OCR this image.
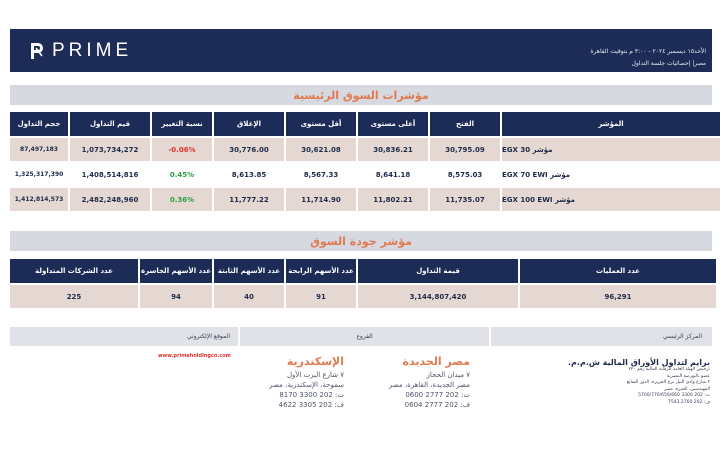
PRIME	الأحد١٥ ديسمبر ٢٠٢٤ - ٣:٠٠ م بتوقيت القاهرة
مصر| إحصائيات جلسة التداول
مؤشرات السوق الرئيسية
حجم التداول	قيم التداول	نسبة التغيير	الإغلاق	أقل مستوى	أعلى مستوى	الفتح	المؤشر
87,497,183	1,073,734,272	-0.06%	30,776.00	30,621.08	30,836.21	30,795.09	مؤشر EGX 30
1,325,317,390	1,408,514,816	0.45%	8,613.85	8,567.33	8,641.18	8,575.03	مؤشر EGX 70 EWI
1,412,814,573	2,482,248,960	0.36%	11,777.22	11,714.90	11,802.21	11,735.07	مؤشر EGX 100 EWI
مؤشر جودة السوق
عدد الشركات المتداولة	عدد الأسهم الخاسرة عدد الأسهم الثابتة	عدد الأسهم الرابحة	قيمة التداول	عدد العمليات
225	94	40	91	3,144,807,420	96,291
المركز الرئيسي
الفروع
الموقع الإلكتروني
برايم لتداول الأوراق المالية ش.م.م.
ترخيص الهيئة العامة للرقابة المالية رقم ٢٢٠
عضو بالبورصة المصرية
٢ شارع وادي النيل برج الجزيرة، الدور السابع
المهندسين، الجيزة، مصر
ت: 202 3300 5700/770/650/660
ف: 202 2760 7543
مصر الجديدة
٧ ميدان الحجاز
مصر الجديدة، القاهرة، مصر
ت: 202 2777 0600
ف: 202 2777 0604
الإسكندرية
٧ شارع البرت الأول
سموحة، الإسكندرية، مصر
ت: 202 3300 8170
ف: 202 3305 4622
www.primeholdingco.com
